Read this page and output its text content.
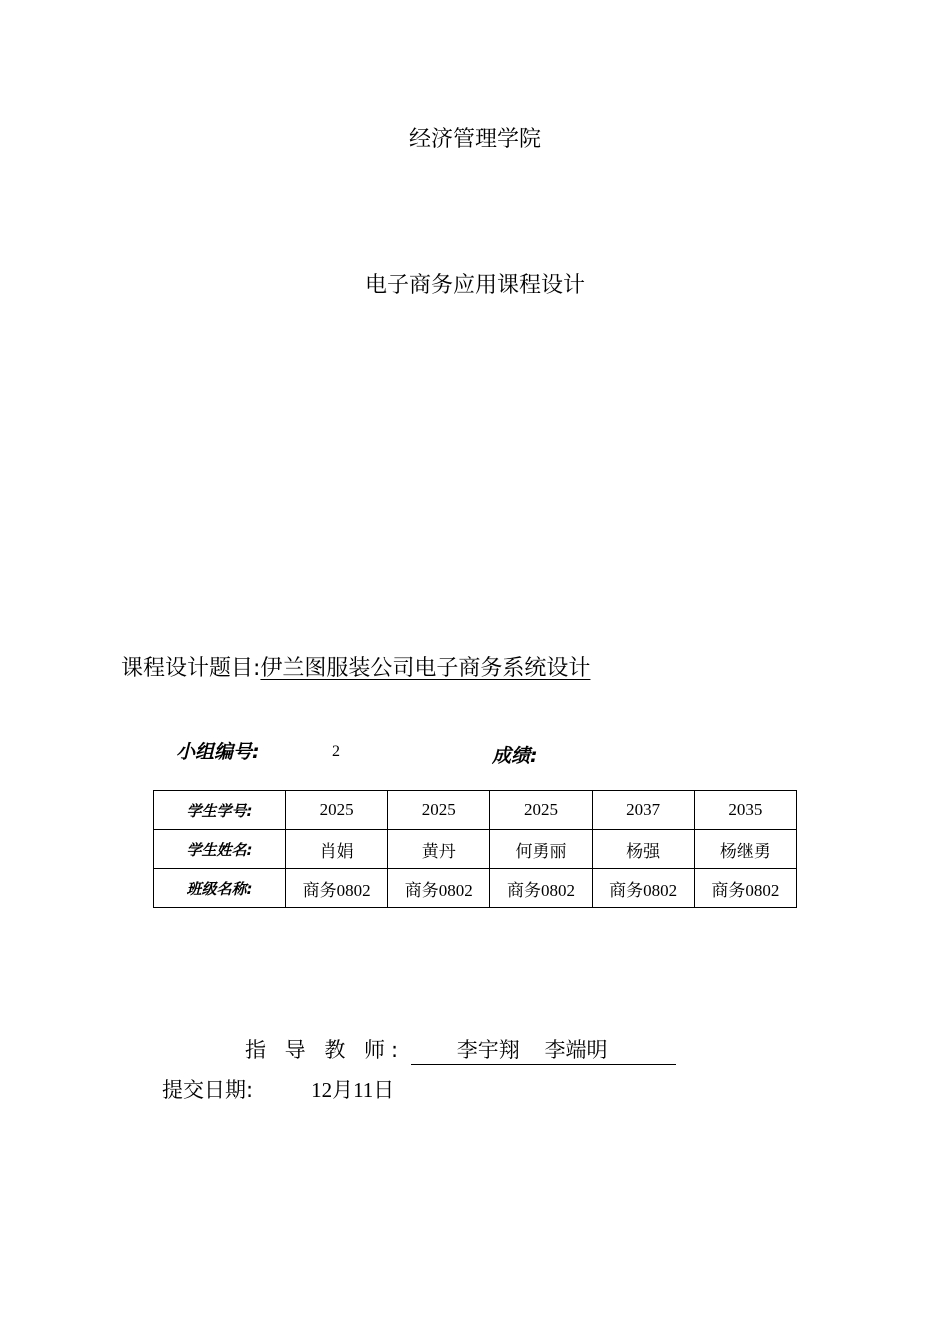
经济管理学院
电子商务应用课程设计
课程设计题目:伊兰图服装公司电子商务系统设计
小组编号:	2	成绩:
学生学号:	2025	2025	2025	2037	2035
学生姓名:	肖娟	黄丹	何勇丽	杨强	杨继勇
班级名称:	商务0802	商务0802	商务0802	商务0802	商务0802
指 导 教 师:	李宇翔 李端明
提交日期:	12月11日
